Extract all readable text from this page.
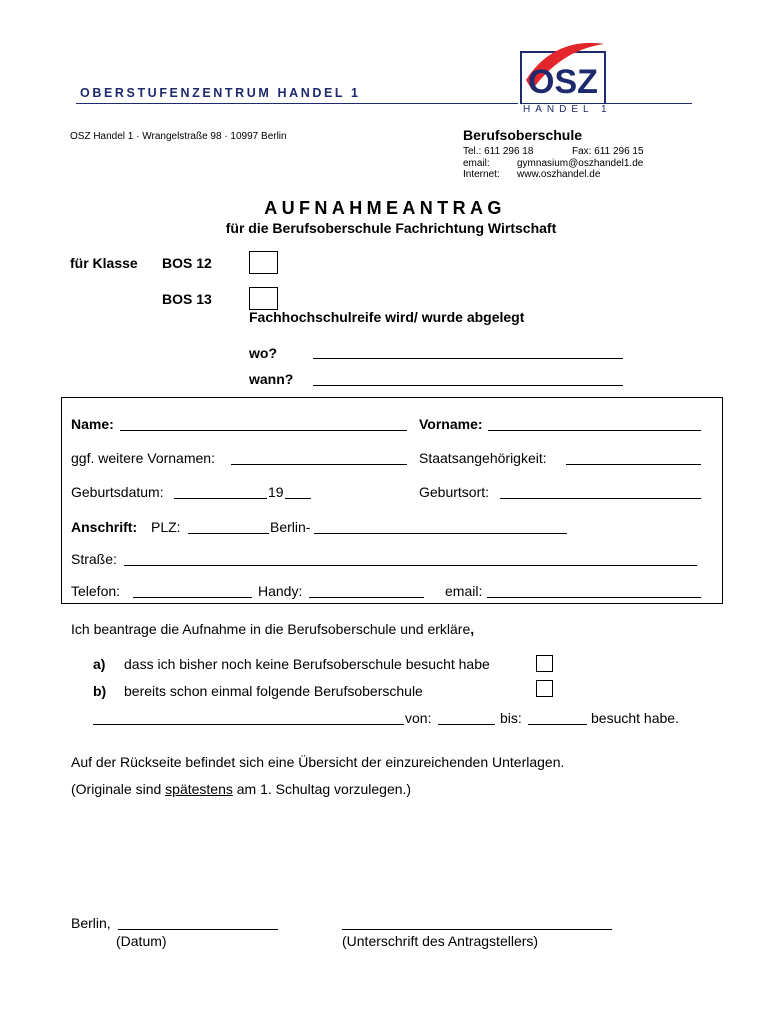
OBERSTUFENZENTRUM HANDEL 1	OSZ
HANDEL 1
OSZ Handel 1 · Wrangelstraße 98 · 10997 Berlin	Berufsoberschule
Tel.: 611 296 18	Fax: 611 296 15
email:	gymnasium@oszhandel1.de
Internet:	www.oszhandel.de
AUFNAHMEANTRAG
für die Berufsoberschule Fachrichtung Wirtschaft
für Klasse BOS 12
BOS 13
Fachhochschulreife wird/ wurde abgelegt
wo?
wann?
Name:	Vorname:
ggf. weitere Vornamen:	Staatsangehörigkeit:
Geburtsdatum:	19	Geburtsort:
Anschrift: PLZ:	Berlin-
Straße:
Telefon:	Handy:	email:
Ich beantrage die Aufnahme in die Berufsoberschule und erkläre,
a) dass ich bisher noch keine Berufsoberschule besucht habe
b) bereits schon einmal folgende Berufsoberschule
von:	bis:	besucht habe.
Auf der Rückseite befindet sich eine Übersicht der einzureichenden Unterlagen.
(Originale sind spätestens am 1. Schultag vorzulegen.)
Berlin,
(Datum)	(Unterschrift des Antragstellers)
